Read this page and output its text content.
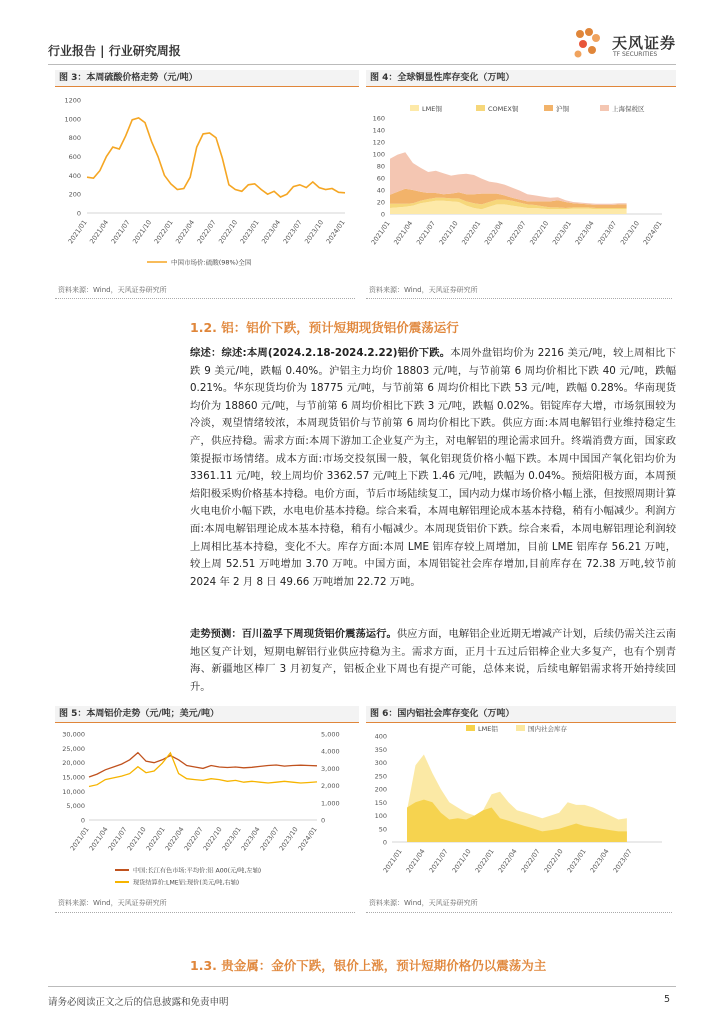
行业报告 | 行业研究周报	天风证券
TF SECURITIES
图 3：本周硫酸价格走势（元/吨）
0
200
400
600
800
1000
1200
2021/01 2021/04 2021/07 2021/10 2022/01 2022/04 2022/07 2022/10 2023/01 2023/04 2023/07 2023/10 2024/01
中国市场价:硫酸(98%)全国
资料来源：Wind，天风证券研究所
图 4：全球铜显性库存变化（万吨）
0
20
40
60
80
100
120
140
160
2021/01 2021/04 2021/07 2021/10 2022/01 2022/04 2022/07 2022/10 2023/01 2023/04 2023/07 2023/10 2024/01
LME铜	COMEX铜	沪铜	上海保税区
资料来源：Wind，天风证券研究所
1.2. 铝：铝价下跌，预计短期现货铝价震荡运行

综述：综述:本周(2024.2.18-2024.2.22)铝价下跌。本周外盘铝均价为 2216 美元/吨，较上周相比下跌 9 美元/吨，跌幅 0.40%。沪铝主力均价 18803 元/吨，与节前第 6 周均价相比下跌 40 元/吨，跌幅 0.21%。华东现货均价为 18775 元/吨，与节前第 6 周均价相比下跌 53 元/吨，跌幅 0.28%。华南现货均价为 18860 元/吨，与节前第 6 周均价相比下跌 3 元/吨，跌幅 0.02%。铝锭库存大增，市场氛围较为冷淡，观望情绪较浓，本周现货铝价与节前第 6 周均价相比下跌。供应方面:本周电解铝行业维持稳定生产，供应持稳。需求方面:本周下游加工企业复产为主，对电解铝的理论需求回升。终端消费方面，国家政策提振市场情绪。成本方面:市场交投氛围一般，氧化铝现货价格小幅下跌。本周中国国产氧化铝均价为 3361.11 元/吨，较上周均价 3362.57 元/吨上下跌 1.46 元/吨，跌幅为 0.04%。预焙阳极方面，本周预焙阳极采购价格基本持稳。电价方面，节后市场陆续复工，国内动力煤市场价格小幅上涨，但按照周期计算火电电价小幅下跌，水电电价基本持稳。综合来看，本周电解铝理论成本基本持稳，稍有小幅减少。利润方面:本周电解铝理论成本基本持稳，稍有小幅减少。本周现货铝价下跌。综合来看，本周电解铝理论利润较上周相比基本持稳，变化不大。库存方面:本周 LME 铝库存较上周增加，目前 LME 铝库存 56.21 万吨，较上周 52.51 万吨增加 3.70 万吨。中国方面，本周铝锭社会库存增加,目前库存在 72.38 万吨,较节前 2024 年 2 月 8 日 49.66 万吨增加 22.72 万吨。

走势预测：百川盈孚下周现货铝价震荡运行。供应方面，电解铝企业近期无增减产计划，后续仍需关注云南地区复产计划，短期电解铝行业供应持稳为主。需求方面，正月十五过后铝棒企业大多复产，也有个别青海、新疆地区棒厂 3 月初复产，铝板企业下周也有提产可能，总体来说，后续电解铝需求将开始持续回升。

图 5：本周铝价走势（元/吨；美元/吨）
0
5,000
10,000
15,000
20,000
25,000
30,000
0
1,000
2,000
3,000
4,000
5,000
2021/01
2021/04
2021/07
2021/10
2022/01
2022/04
2022/07
2022/10
2023/01
2023/04
2023/07
2023/10
2024/01
中国:长江有色市场:平均价:铝 A00(元/吨,左轴)
现货结算价:LME铝:现价(美元/吨,右轴)
资料来源：Wind，天风证券研究所
图 6：国内铝社会库存变化（万吨）
0
50
100
150
200
250
300
350
400
2021/01 2021/04 2021/07 2021/10 2022/01 2022/04 2022/07 2022/10 2023/01 2023/04 2023/07
LME铝	国内社会库存
资料来源：Wind，天风证券研究所
1.3. 贵金属：金价下跌，银价上涨，预计短期价格仍以震荡为主
请务必阅读正文之后的信息披露和免责申明	5
